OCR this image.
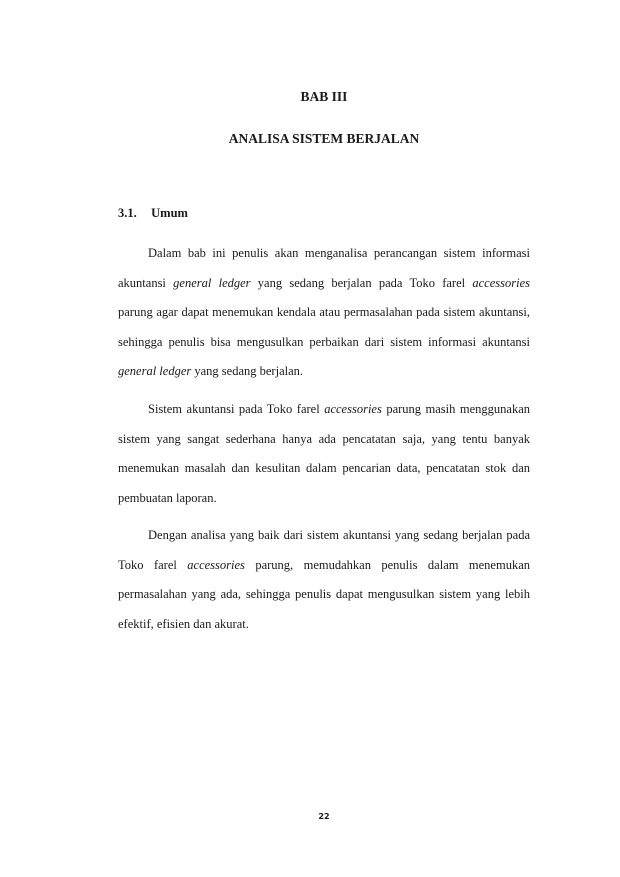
BAB III
ANALISA SISTEM BERJALAN
3.1. Umum

Dalam bab ini penulis akan menganalisa perancangan sistem informasi akuntansi general ledger yang sedang berjalan pada Toko farel accessories parung agar dapat menemukan kendala atau permasalahan pada sistem akuntansi, sehingga penulis bisa mengusulkan perbaikan dari sistem informasi akuntansi general ledger yang sedang berjalan.

Sistem akuntansi pada Toko farel accessories parung masih menggunakan sistem yang sangat sederhana hanya ada pencatatan saja, yang tentu banyak menemukan masalah dan kesulitan dalam pencarian data, pencatatan stok dan pembuatan laporan.

Dengan analisa yang baik dari sistem akuntansi yang sedang berjalan pada Toko farel accessories parung, memudahkan penulis dalam menemukan permasalahan yang ada, sehingga penulis dapat mengusulkan sistem yang lebih efektif, efisien dan akurat.

22
